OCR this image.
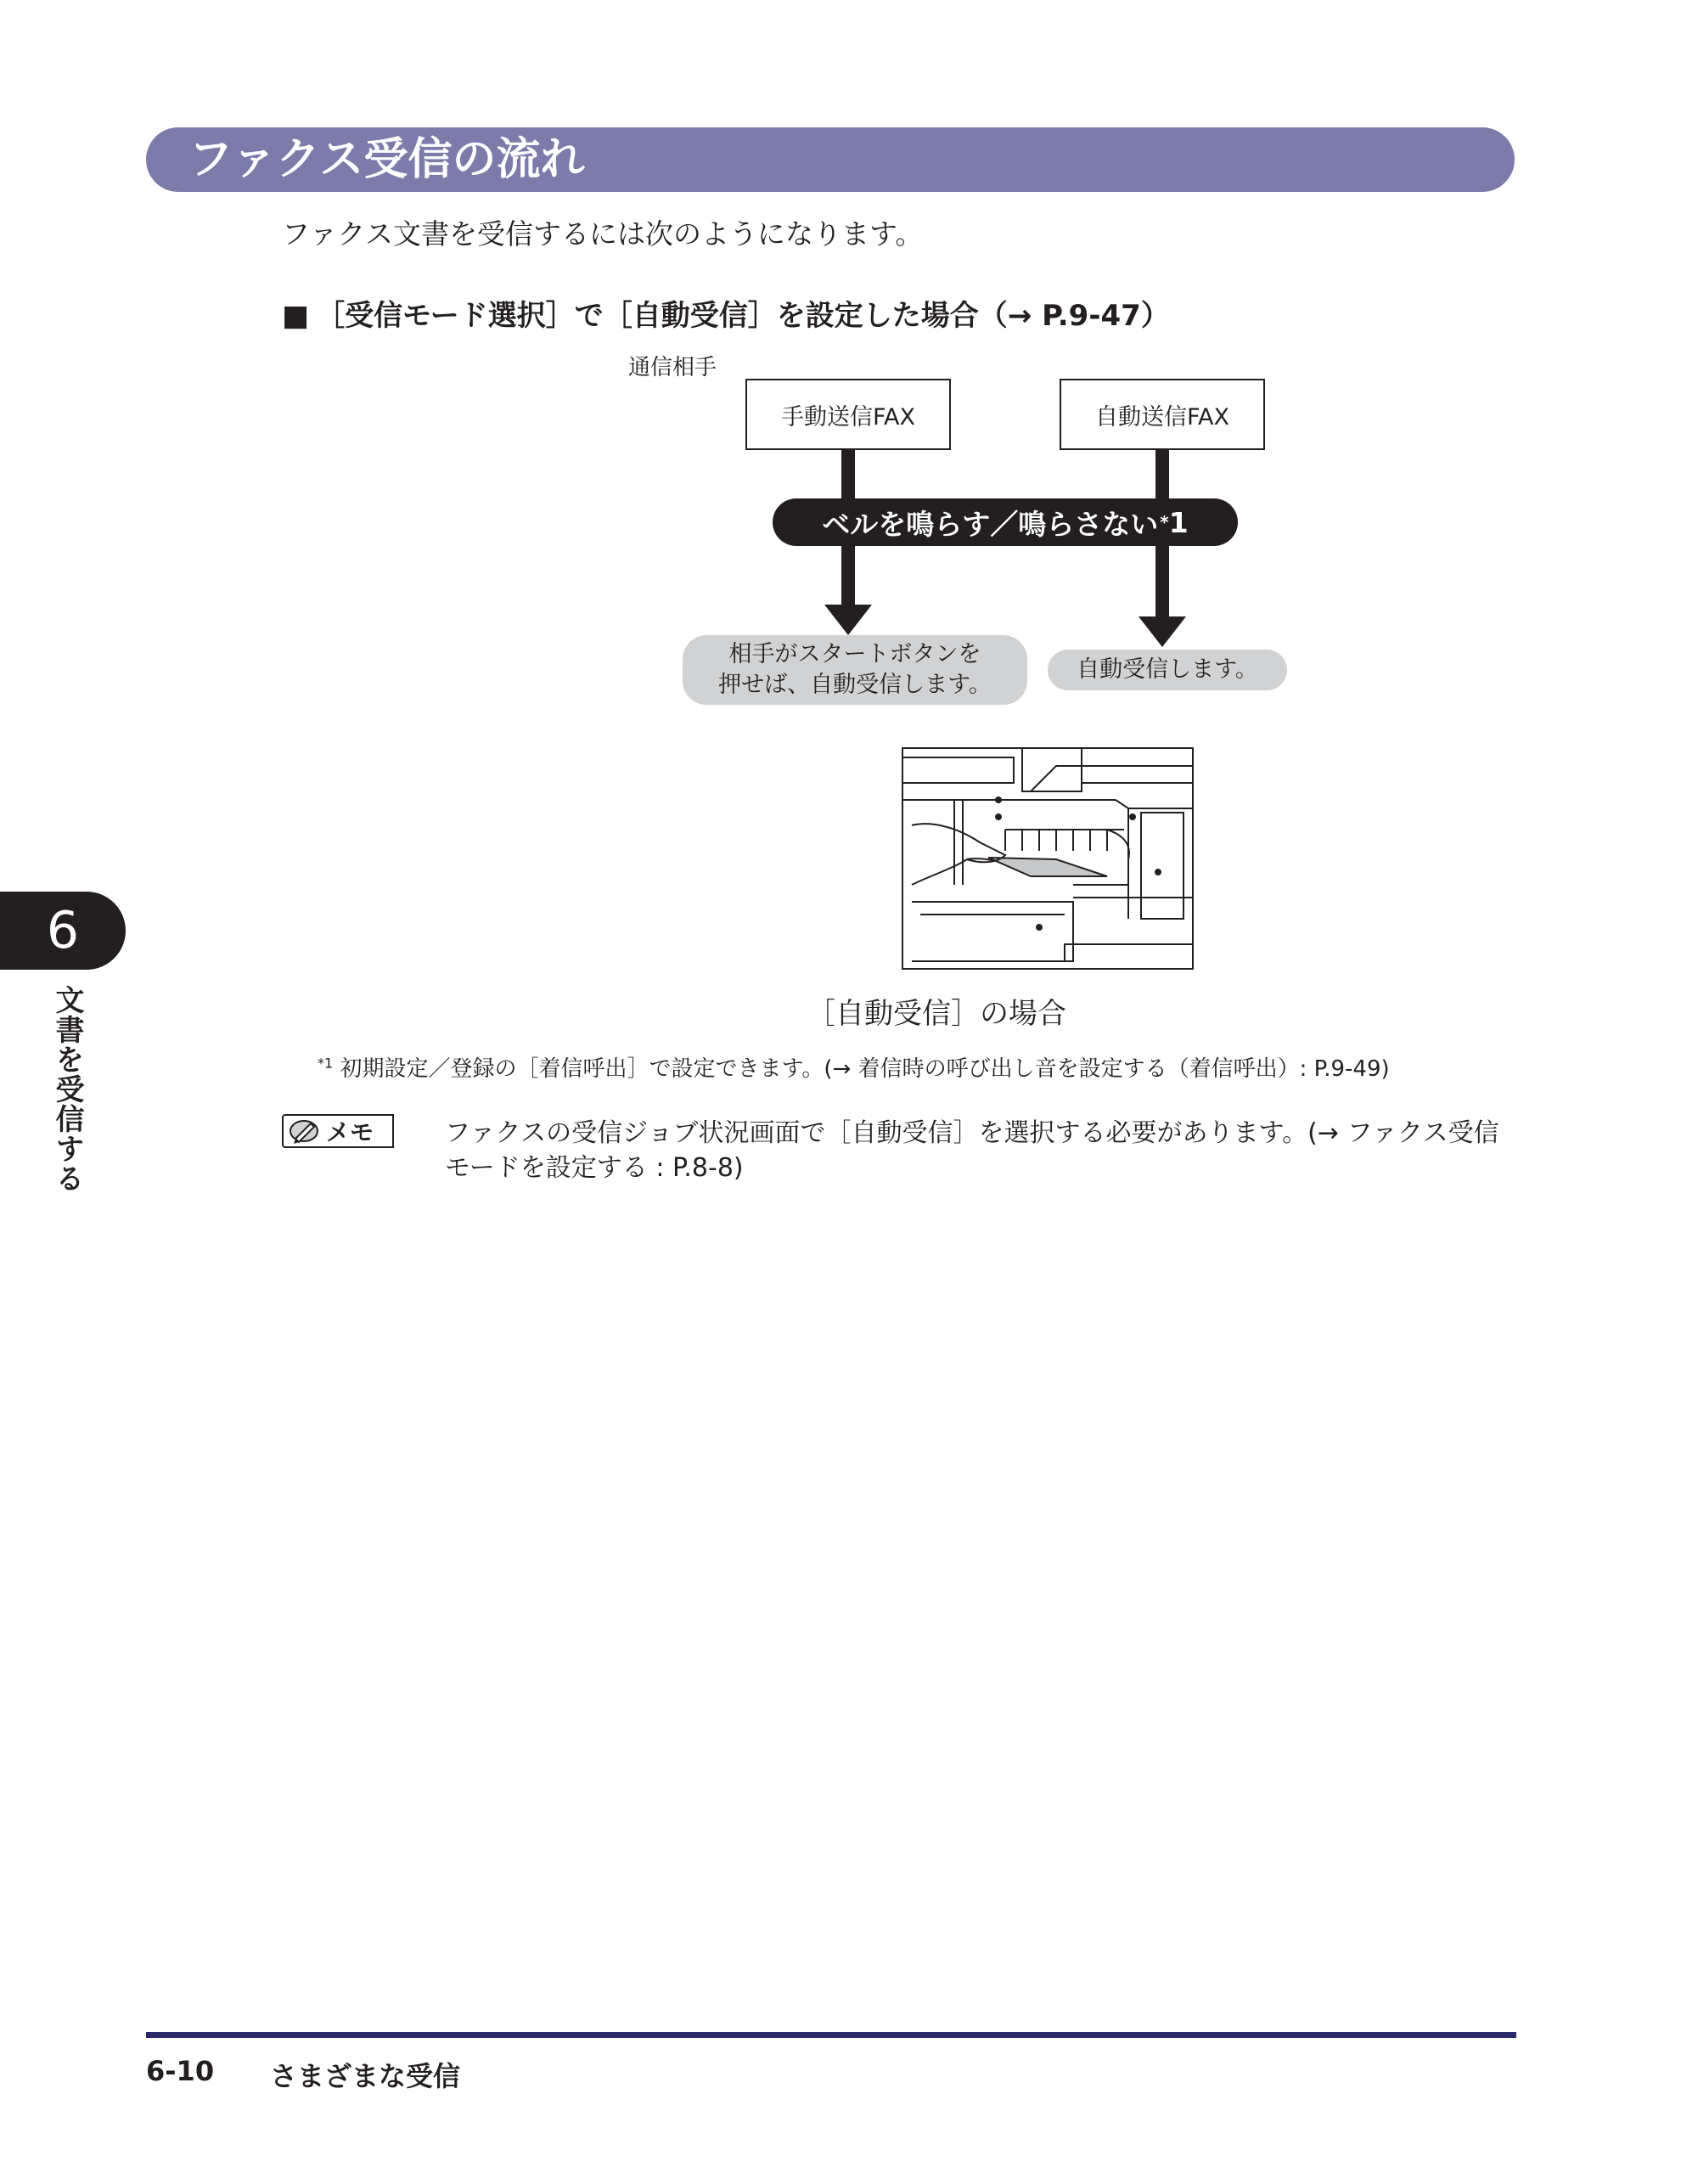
ファクス受信の流れ
ファクス文書を受信するには次のようになります。
■ ［受信モード選択］で［自動受信］を設定した場合（→ P.9-47）
通信相手
手動送信FAX	自動送信FAX
ベルを鳴らす／鳴らさない * 1
相手がスタートボタンを
押せば、自動受信します。
自動受信します。
［自動受信］の場合
$^{*1}$ 初期設定／登録の［着信呼出］で設定できます。(→ 着信時の呼び出し音を設定する（着信呼出）: P.9-49)
メモ	ファクスの受信ジョブ状況画面で［自動受信］を選択する必要があります。(→ ファクス受信モードを設定する : P.8-8)
6
文書を受信する
6-10 さまざまな受信
